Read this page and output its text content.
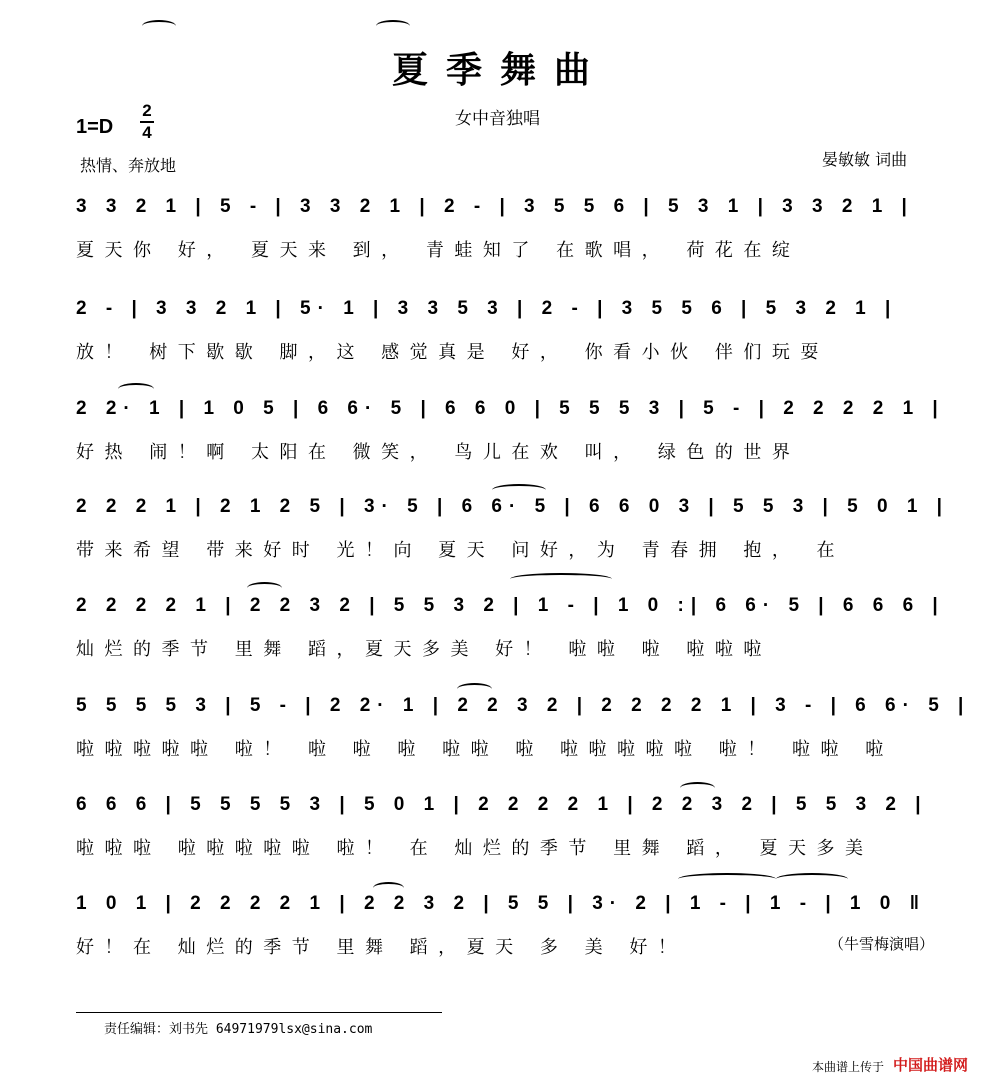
夏季舞曲
女中音独唱
1=D
2
4
热情、奔放地	晏敏敏 词曲
3 3 2 1 | 5 - | 3 3 2 1 | 2 - | 3 5 5 6 | 5 3 1 | 3 3 2 1 |
夏天你 好， 夏天来 到， 青蛙知了 在歌唱， 荷花在绽
2 - | 3 3 2 1 | 5· 1 | 3 3 5 3 | 2 - | 3 5 5 6 | 5 3 2 1 |
放！ 树下歇歇 脚，这 感觉真是 好， 你看小伙 伴们玩耍
2 2· 1 | 1 0 5 | 6 6· 5 | 6 6 0 | 5 5 5 3 | 5 - | 2 2 2 2 1 |
好热 闹！啊 太阳在 微笑， 鸟儿在欢 叫， 绿色的世界
2 2 2 1 | 2 1 2 5 | 3· 5 | 6 6· 5 | 6 6 0 3 | 5 5 3 | 5 0 1 |
带来希望 带来好时 光！向 夏天 问好，为 青春拥 抱， 在
2 2 2 2 1 | 2 2 3 2 | 5 5 3 2 | 1 - | 1 0 :| 6 6· 5 | 6 6 6 |
灿烂的季节 里舞 蹈，夏天多美 好！ 啦啦 啦 啦啦啦
5 5 5 5 3 | 5 - | 2 2· 1 | 2 2 3 2 | 2 2 2 2 1 | 3 - | 6 6· 5 |
啦啦啦啦啦 啦！ 啦 啦 啦 啦啦 啦 啦啦啦啦啦 啦！ 啦啦 啦
6 6 6 | 5 5 5 5 3 | 5 0 1 | 2 2 2 2 1 | 2 2 3 2 | 5 5 3 2 |
啦啦啦 啦啦啦啦啦 啦！ 在 灿烂的季节 里舞 蹈， 夏天多美
1 0 1 | 2 2 2 2 1 | 2 2 3 2 | 5 5 | 3· 2 | 1 - | 1 - | 1 0 ‖
好！在 灿烂的季节 里舞 蹈，夏天 多 美 好！	（牛雪梅演唱）
责任编辑：刘书先 64971979lsx@sina.com
本曲谱上传于 中国曲谱网
